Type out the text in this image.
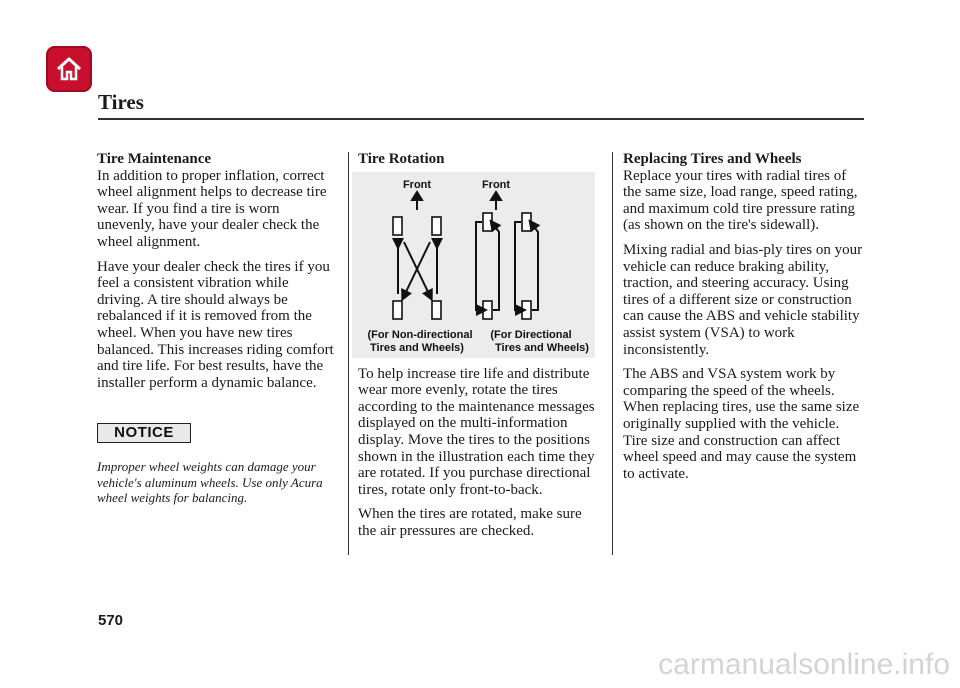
Tires
Tire Maintenance

In addition to proper inflation, correct wheel alignment helps to decrease tire wear. If you find a tire is worn unevenly, have your dealer check the wheel alignment.

Have your dealer check the tires if you feel a consistent vibration while driving. A tire should always be rebalanced if it is removed from the wheel. When you have new tires balanced. This increases riding comfort and tire life. For best results, have the installer perform a dynamic balance.

NOTICE
Improper wheel weights can damage your vehicle's aluminum wheels. Use only Acura wheel weights for balancing.
Tire Rotation
Front	Front
(For Non-directional
Tires and Wheels)
(For Directional
Tires and Wheels)

To help increase tire life and distribute wear more evenly, rotate the tires according to the maintenance messages displayed on the multi-information display. Move the tires to the positions shown in the illustration each time they are rotated. If you purchase directional tires, rotate only front-to-back.

When the tires are rotated, make sure the air pressures are checked.

Replacing Tires and Wheels

Replace your tires with radial tires of the same size, load range, speed rating, and maximum cold tire pressure rating (as shown on the tire's sidewall).

Mixing radial and bias-ply tires on your vehicle can reduce braking ability, traction, and steering accuracy. Using tires of a different size or construction can cause the ABS and vehicle stability assist system (VSA) to work inconsistently.

The ABS and VSA system work by comparing the speed of the wheels. When replacing tires, use the same size originally supplied with the vehicle. Tire size and construction can affect wheel speed and may cause the system to activate.

570
carmanualsonline.info
